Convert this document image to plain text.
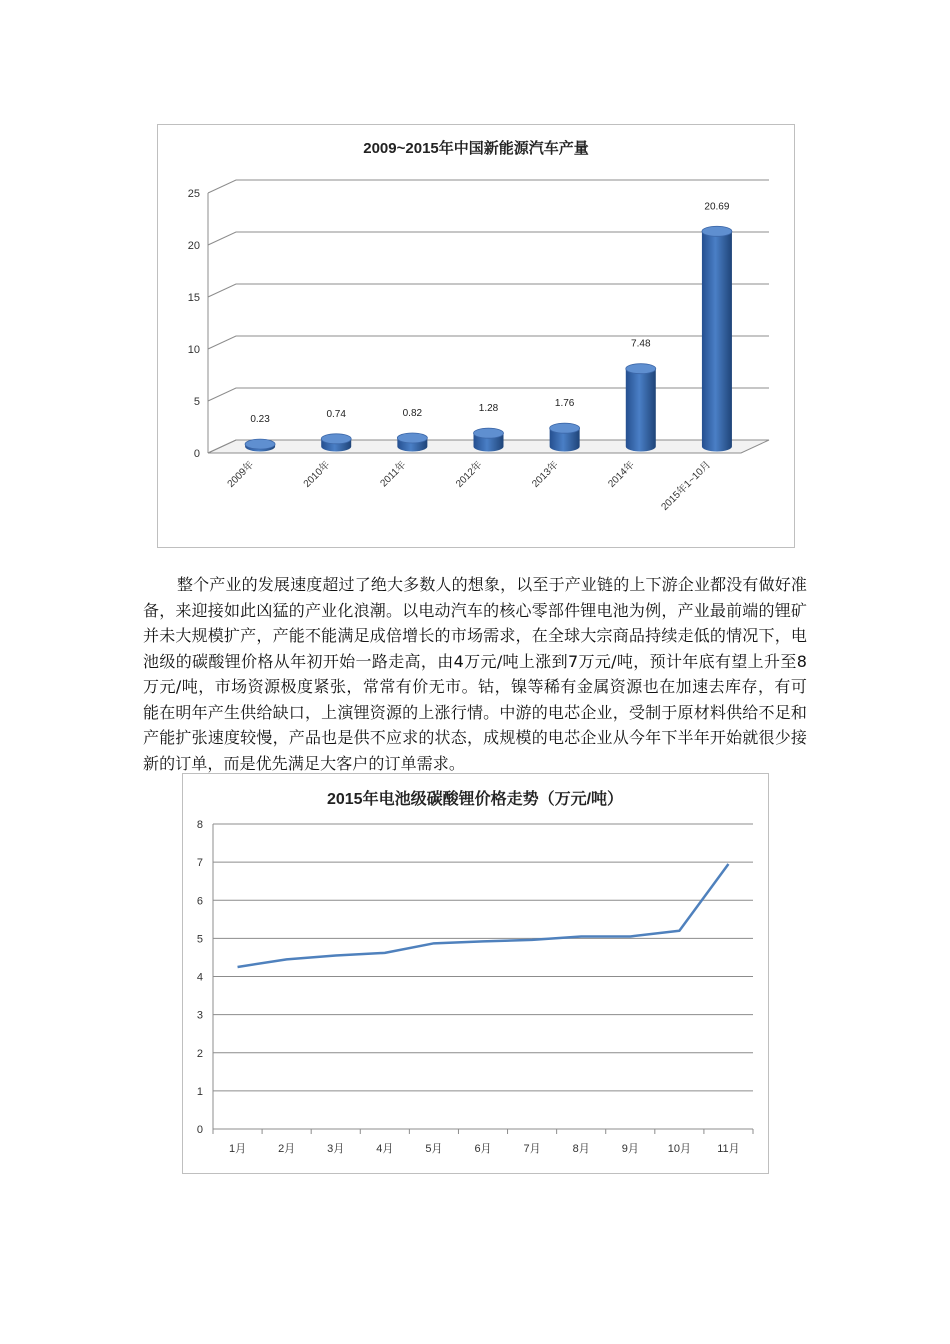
2009~2015年中国新能源汽车产量
0
5
10
15
20
25
0.23
2009年
0.74
2010年
0.82
2011年
1.28
2012年
1.76
2013年
7.48
2014年
20.69
2015年1~10月

整个产业的发展速度超过了绝大多数人的想象，以至于产业链的上下游企业都没有做好准备，来迎接如此凶猛的产业化浪潮。以电动汽车的核心零部件锂电池为例，产业最前端的锂矿并未大规模扩产，产能不能满足成倍增长的市场需求，在全球大宗商品持续走低的情况下，电池级的碳酸锂价格从年初开始一路走高，由4万元/吨上涨到7万元/吨，预计年底有望上升至8万元/吨，市场资源极度紧张，常常有价无市。钴，镍等稀有金属资源也在加速去库存，有可能在明年产生供给缺口，上演锂资源的上涨行情。中游的电芯企业，受制于原材料供给不足和产能扩张速度较慢，产品也是供不应求的状态，成规模的电芯企业从今年下半年开始就很少接新的订单，而是优先满足大客户的订单需求。

2015年电池级碳酸锂价格走势（万元/吨）
0
1
2
3
4
5
6
7
8
1月	2月	3月	4月	5月	6月	7月	8月	9月	10月 11月
